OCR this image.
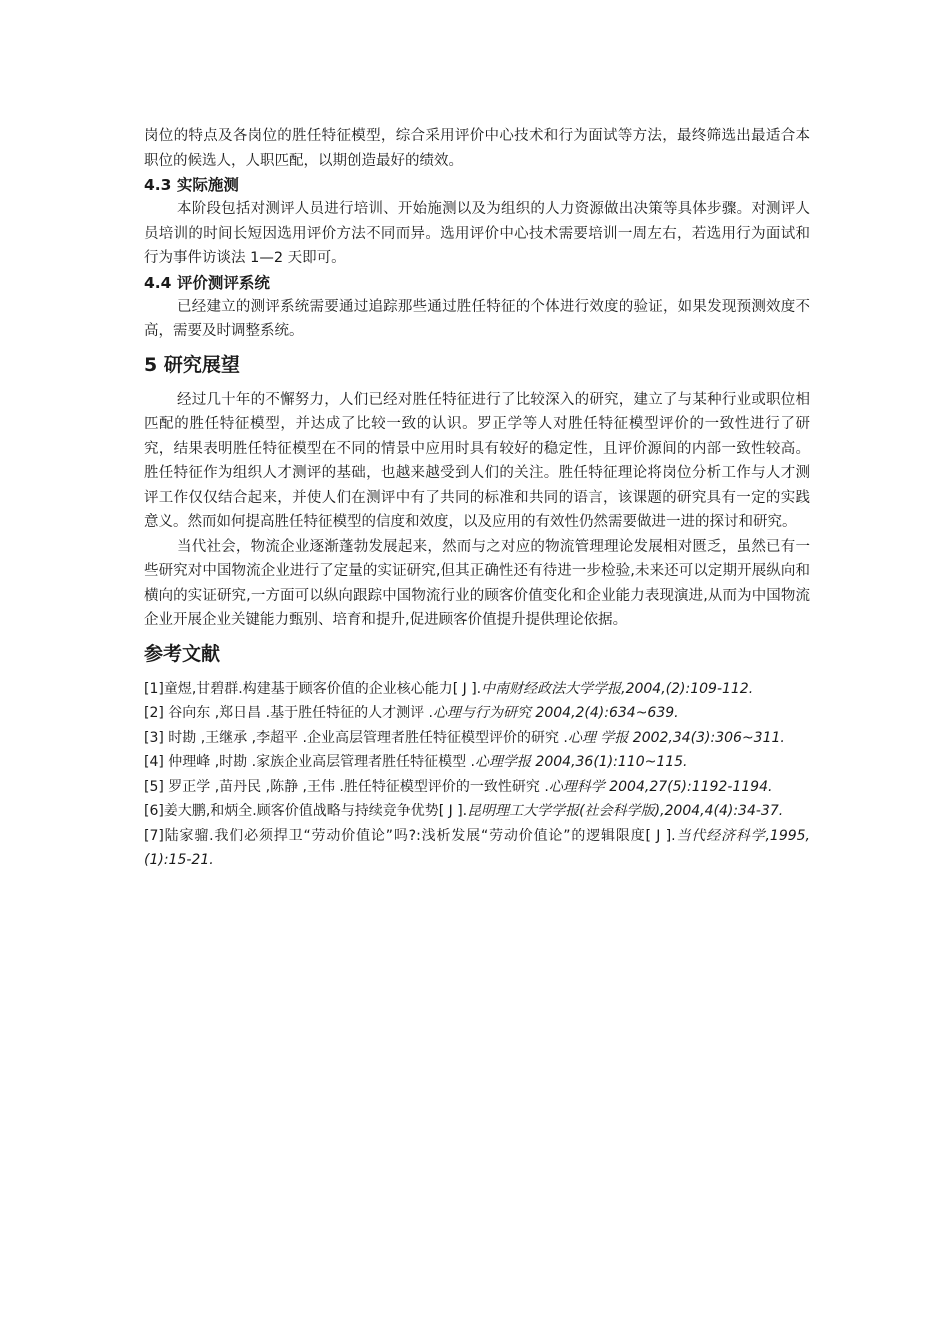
岗位的特点及各岗位的胜任特征模型，综合采用评价中心技术和行为面试等方法，最终筛选出最适合本职位的候选人，人职匹配，以期创造最好的绩效。

4.3 实际施测

本阶段包括对测评人员进行培训、开始施测以及为组织的人力资源做出决策等具体步骤。对测评人员培训的时间长短因选用评价方法不同而异。选用评价中心技术需要培训一周左右，若选用行为面试和行为事件访谈法 1—2 天即可。

4.4 评价测评系统

已经建立的测评系统需要通过追踪那些通过胜任特征的个体进行效度的验证，如果发现预测效度不高，需要及时调整系统。

5 研究展望

经过几十年的不懈努力，人们已经对胜任特征进行了比较深入的研究，建立了与某种行业或职位相匹配的胜任特征模型，并达成了比较一致的认识。罗正学等人对胜任特征模型评价的一致性进行了研究，结果表明胜任特征模型在不同的情景中应用时具有较好的稳定性，且评价源间的内部一致性较高。胜任特征作为组织人才测评的基础，也越来越受到人们的关注。胜任特征理论将岗位分析工作与人才测评工作仅仅结合起来，并使人们在测评中有了共同的标准和共同的语言，该课题的研究具有一定的实践意义。然而如何提高胜任特征模型的信度和效度，以及应用的有效性仍然需要做进一进的探讨和研究。

当代社会，物流企业逐渐蓬勃发展起来，然而与之对应的物流管理理论发展相对匮乏，虽然已有一些研究对中国物流企业进行了定量的实证研究,但其正确性还有待进一步检验,未来还可以定期开展纵向和横向的实证研究,一方面可以纵向跟踪中国物流行业的顾客价值变化和企业能力表现演进,从而为中国物流企业开展企业关键能力甄别、培育和提升,促进顾客价值提升提供理论依据。

参考文献

[1]童煜,甘碧群.构建基于顾客价值的企业核心能力[ J ].中南财经政法大学学报,2004,(2):109-112.

[2] 谷向东 ,郑日昌 .基于胜任特征的人才测评 .心理与行为研究 2004,2(4):634~639.

[3] 时勘 ,王继承 ,李超平 .企业高层管理者胜任特征模型评价的研究 .心理 学报 2002,34(3):306~311.

[4] 仲理峰 ,时勘 .家族企业高层管理者胜任特征模型 .心理学报 2004,36(1):110~115.

[5] 罗正学 ,苗丹民 ,陈静 ,王伟 .胜任特征模型评价的一致性研究 .心理科学 2004,27(5):1192-1194.

[6]姜大鹏,和炳全.顾客价值战略与持续竞争优势[ J ].昆明理工大学学报(社会科学版),2004,4(4):34-37.

[7]陆家骝.我们必须捍卫“劳动价值论”吗?:浅析发展“劳动价值论”的逻辑限度[ J ].当代经济科学,1995,(1):15-21.
